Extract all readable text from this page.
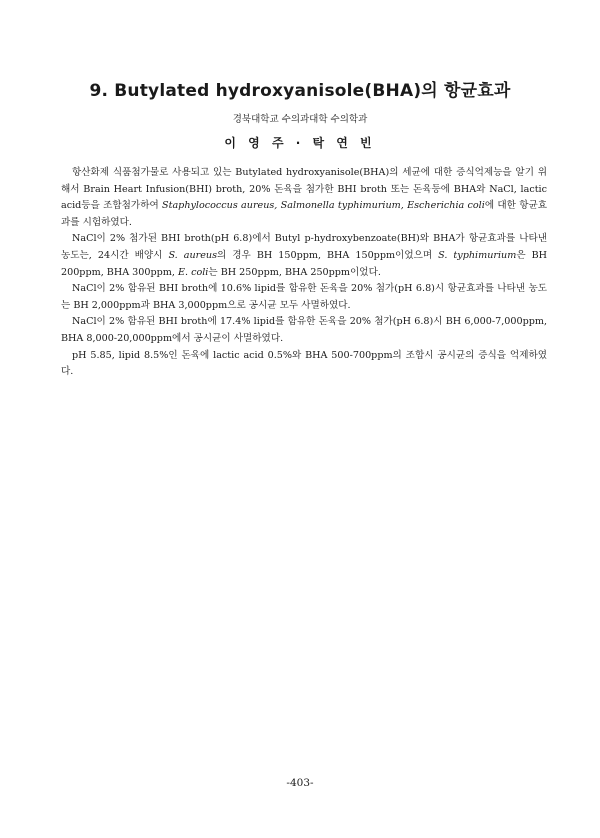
9. Butylated hydroxyanisole(BHA)의 항균효과
경북대학교 수의과대학 수의학과
이 영 주 · 탁 연 빈

항산화제 식품첨가물로 사용되고 있는 Butylated hydroxyanisole(BHA)의 세균에 대한 증식억제능을 알기 위해서 Brain Heart Infusion(BHI) broth, 20% 돈육을 첨가한 BHI broth 또는 돈육등에 BHA와 NaCl, lactic acid등을 조합첨가하여 Staphylococcus aureus, Salmonella typhimurium, Escherichia coli에 대한 항균효과를 시험하였다.

NaCl이 2% 첨가된 BHI broth(pH 6.8)에서 Butyl p-hydroxybenzoate(BH)와 BHA가 항균효과를 나타낸 농도는, 24시간 배양시 S. aureus의 경우 BH 150ppm, BHA 150ppm이었으며 S. typhimurium은 BH 200ppm, BHA 300ppm, E. coli는 BH 250ppm, BHA 250ppm이었다.

NaCl이 2% 함유된 BHI broth에 10.6% lipid를 함유한 돈육을 20% 첨가(pH 6.8)시 항균효과를 나타낸 농도는 BH 2,000ppm과 BHA 3,000ppm으로 공시균 모두 사멸하였다.

NaCl이 2% 함유된 BHI broth에 17.4% lipid를 함유한 돈육을 20% 첨가(pH 6.8)시 BH 6,000-7,000ppm, BHA 8,000-20,000ppm에서 공시균이 사멸하였다.

pH 5.85, lipid 8.5%인 돈육에 lactic acid 0.5%와 BHA 500-700ppm의 조합시 공시균의 증식을 억제하였다.

-403-
